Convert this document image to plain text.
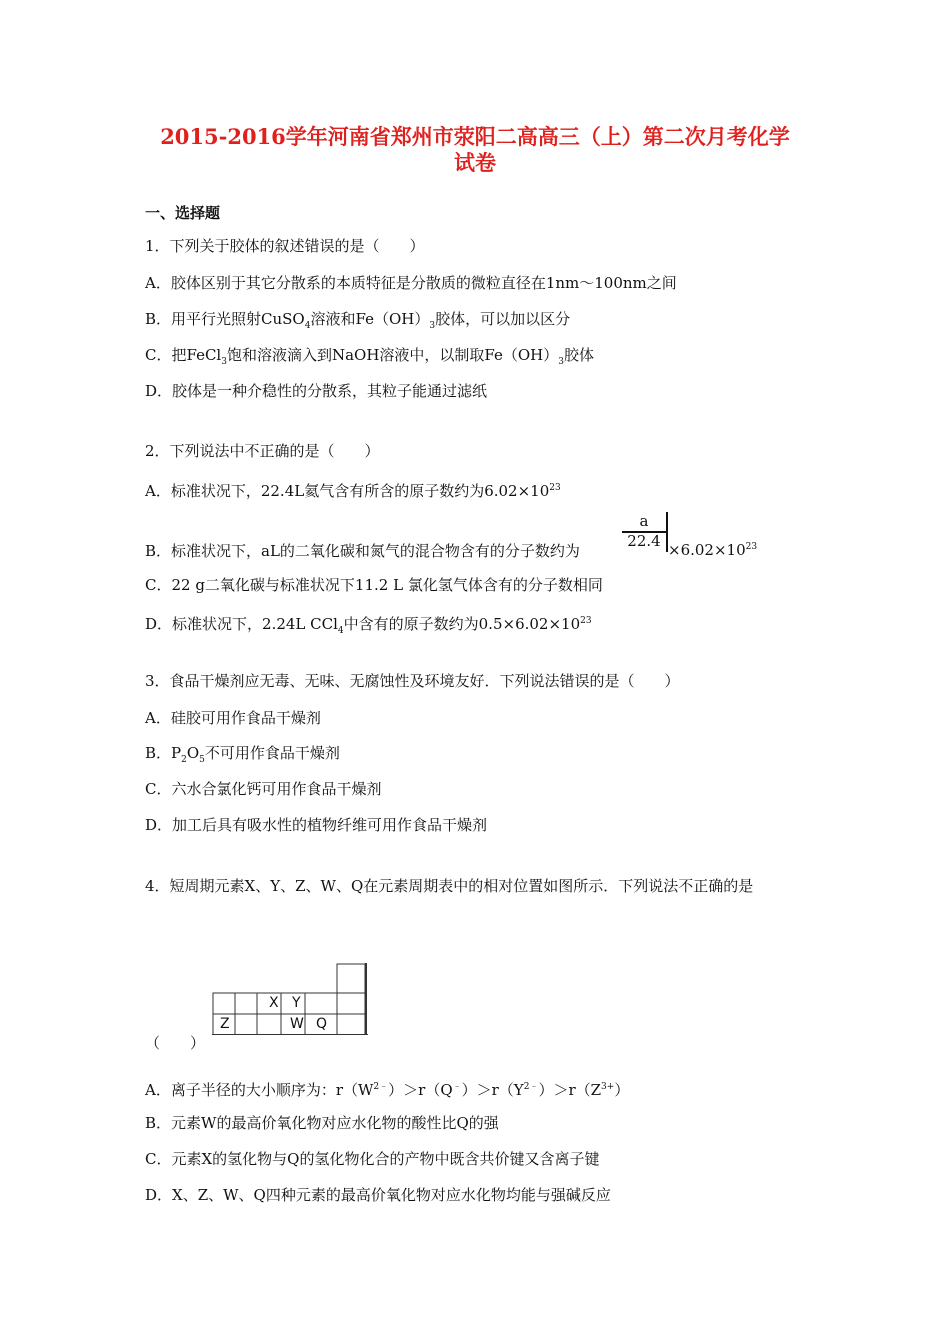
2015-2016学年河南省郑州市荥阳二高高三（上）第二次月考化学
试卷
一、选择题
1．下列关于胶体的叙述错误的是（　　）
A．胶体区别于其它分散系的本质特征是分散质的微粒直径在1nm～100nm之间
B．用平行光照射CuSO$_4$溶液和$Fe(OH)_3$胶体，可以加以区分
C．把FeCl$_3$饱和溶液滴入到NaOH溶液中，以制取$Fe(OH)_3$胶体
D．胶体是一种介稳性的分散系，其粒子能通过滤纸
2．下列说法中不正确的是（　　）
A．标准状况下，22.4L氦气含有所含的原子数约为$6.02\times 10^{23}$
B．标准状况下，aL的二氧化碳和氮气的混合物含有的分子数约为
a
$22.4 \times 6.02\times 10^{23}$
C．22 g二氧化碳与标准状况下11.2 L 氯化氢气体含有的分子数相同
D．标准状况下，2.24L CCl$_4$中含有的原子数约为$0.5\times 6.02\times 10^{23}$
3．食品干燥剂应无毒、无味、无腐蚀性及环境友好．下列说法错误的是（　　）
A．硅胶可用作食品干燥剂
B．$P_2O_5$不可用作食品干燥剂
C．六水合氯化钙可用作食品干燥剂
D．加工后具有吸水性的植物纤维可用作食品干燥剂
4．短周期元素X、Y、Z、W、Q在元素周期表中的相对位置如图所示．下列说法不正确的是
X Y
Z	W Q
（　　）
A．离子半径的大小顺序为：$r(W^{2﹣})>r(Q^﹣)>r(Y^{2﹣})>r(Z^{3+})$
B．元素W的最高价氧化物对应水化物的酸性比Q的强
C．元素X的氢化物与Q的氢化物化合的产物中既含共价键又含离子键
D．X、Z、W、Q四种元素的最高价氧化物对应水化物均能与强碱反应
